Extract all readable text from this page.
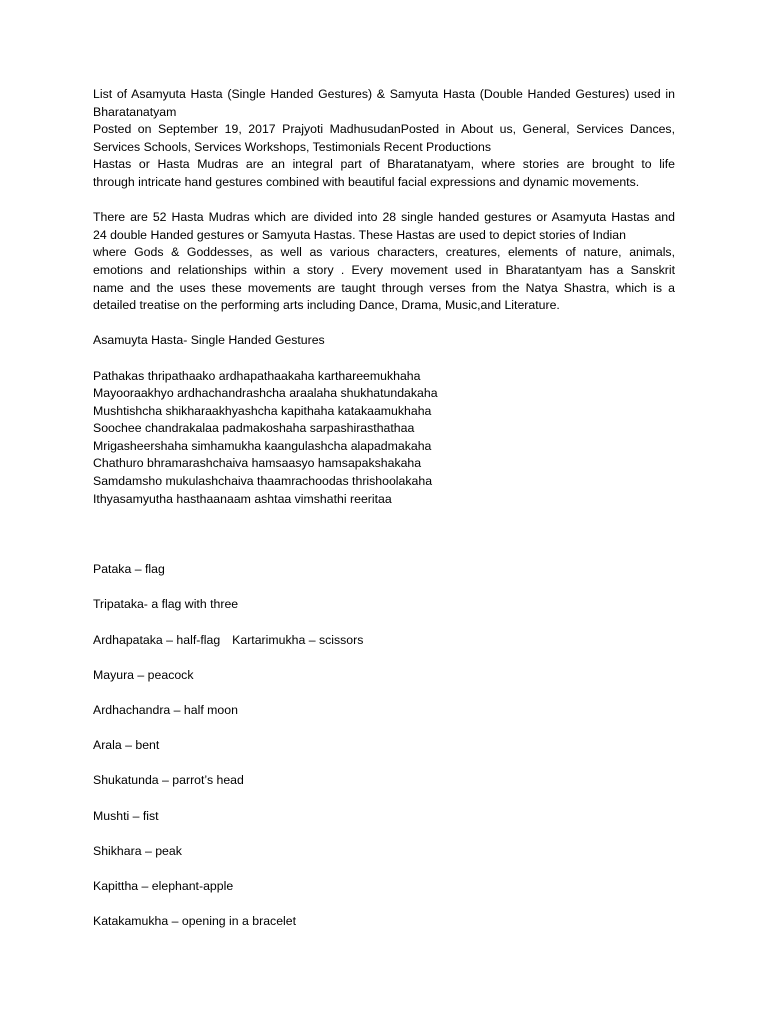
List of Asamyuta Hasta (Single Handed Gestures) & Samyuta Hasta (Double Handed Gestures) used in
Bharatanatyam
Posted on September 19, 2017 Prajyoti MadhusudanPosted in About us, General, Services Dances,
Services Schools, Services Workshops, Testimonials Recent Productions
Hastas or Hasta Mudras are an integral part of Bharatanatyam, where stories are brought to life
through intricate hand gestures combined with beautiful facial expressions and dynamic movements.
There are 52 Hasta Mudras which are divided into 28 single handed gestures or Asamyuta Hastas and
24 double Handed gestures or Samyuta Hastas. These Hastas are used to depict stories of Indian
where Gods & Goddesses, as well as various characters, creatures, elements of nature, animals,
emotions and relationships within a story . Every movement used in Bharatantyam has a Sanskrit
name and the uses these movements are taught through verses from the Natya Shastra, which is a
detailed treatise on the performing arts including Dance, Drama, Music,and Literature.
Asamuyta Hasta- Single Handed Gestures
Pathakas thripathaako ardhapathaakaha karthareemukhaha
Mayooraakhyo ardhachandrashcha araalaha shukhatundakaha
Mushtishcha shikharaakhyashcha kapithaha katakaamukhaha
Soochee chandrakalaa padmakoshaha sarpashirasthathaa
Mrigasheershaha simhamukha kaangulashcha alapadmakaha
Chathuro bhramarashchaiva hamsaasyo hamsapakshakaha
Samdamsho mukulashchaiva thaamrachoodas thrishoolakaha
Ithyasamyutha hasthaanaam ashtaa vimshathi reeritaa
Pataka – flag
Tripataka- a flag with three
Ardhapataka – half-flag Kartarimukha – scissors
Mayura – peacock
Ardhachandra – half moon
Arala – bent
Shukatunda – parrot’s head
Mushti – fist
Shikhara – peak
Kapittha – elephant-apple
Katakamukha – opening in a bracelet
